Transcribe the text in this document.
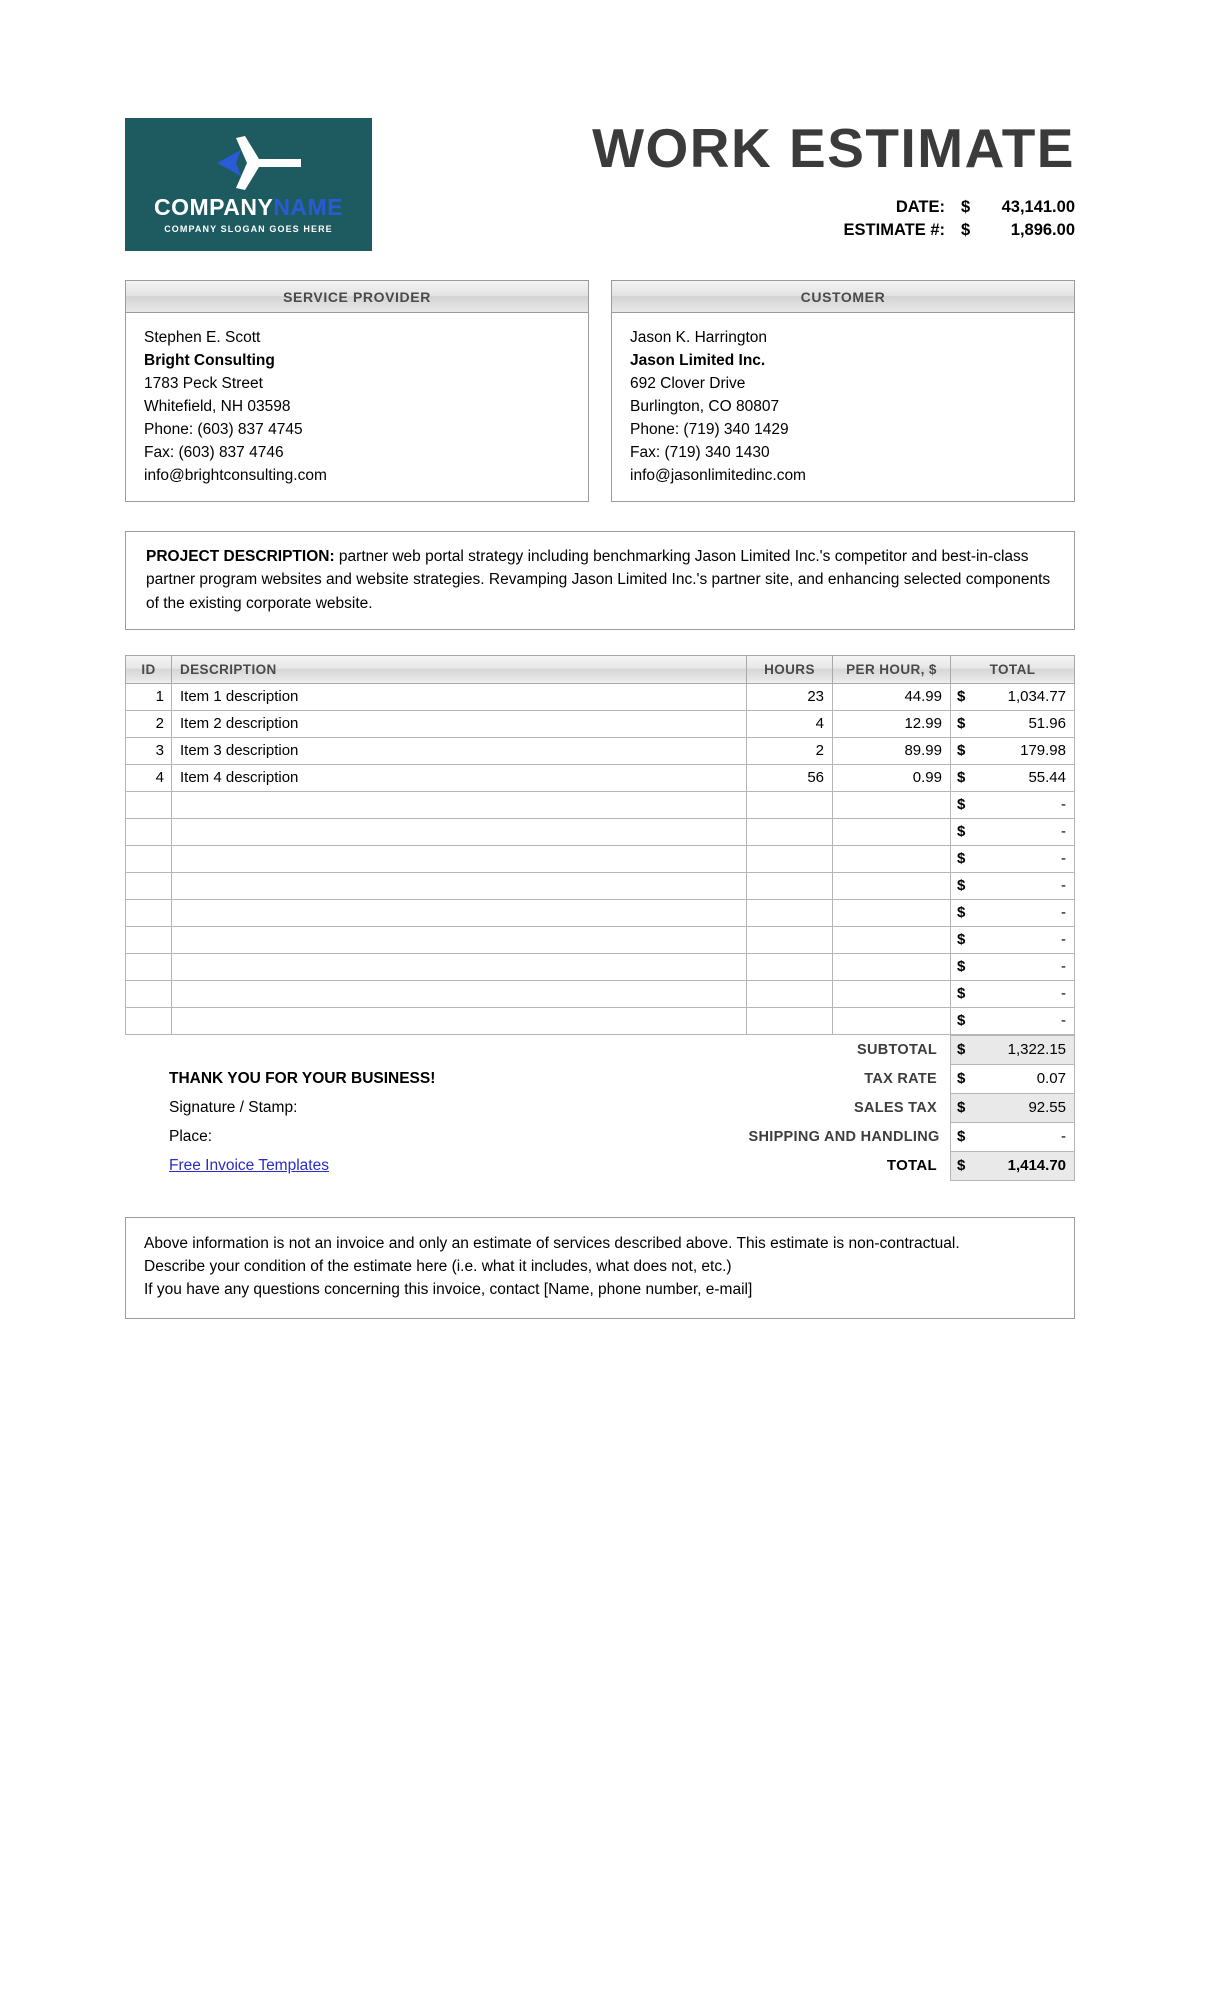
COMPANYNAME
COMPANY SLOGAN GOES HERE
WORK ESTIMATE
DATE: $	43,141.00
ESTIMATE #: $	1,896.00
SERVICE PROVIDER
Stephen E. Scott
Bright Consulting
1783 Peck Street
Whitefield, NH 03598
Phone: (603) 837 4745
Fax: (603) 837 4746
info@brightconsulting.com
CUSTOMER
Jason K. Harrington
Jason Limited Inc.
692 Clover Drive
Burlington, CO 80807
Phone: (719) 340 1429
Fax: (719) 340 1430
info@jasonlimitedinc.com
PROJECT DESCRIPTION: partner web portal strategy including benchmarking Jason Limited Inc.'s competitor and best-in-class partner program websites and website strategies. Revamping Jason Limited Inc.'s partner site, and enhancing selected components of the existing corporate website.
ID	DESCRIPTION	HOURS	PER HOUR, $	TOTAL
1	Item 1 description	23	44.99	$ 1,034.77

2	Item 2 description	4	12.99	$ 51.96

3	Item 3 description	2	89.99	$ 179.98

4	Item 4 description	56	0.99	$ 55.44

				$ -

				$ -

				$ -

				$ -

				$ -

				$ -

				$ -

				$ -

				$ -
	SUBTOTAL	$ 1,322.15

THANK YOU FOR YOUR BUSINESS!	TAX RATE	$ 0.07

Signature / Stamp:	SALES TAX	$ 92.55

Place:	SHIPPING AND HANDLING	$ -

Free Invoice Templates	TOTAL	$ 1,414.70
Above information is not an invoice and only an estimate of services described above. This estimate is non-contractual.
Describe your condition of the estimate here (i.e. what it includes, what does not, etc.)
If you have any questions concerning this invoice, contact [Name, phone number, e-mail]
